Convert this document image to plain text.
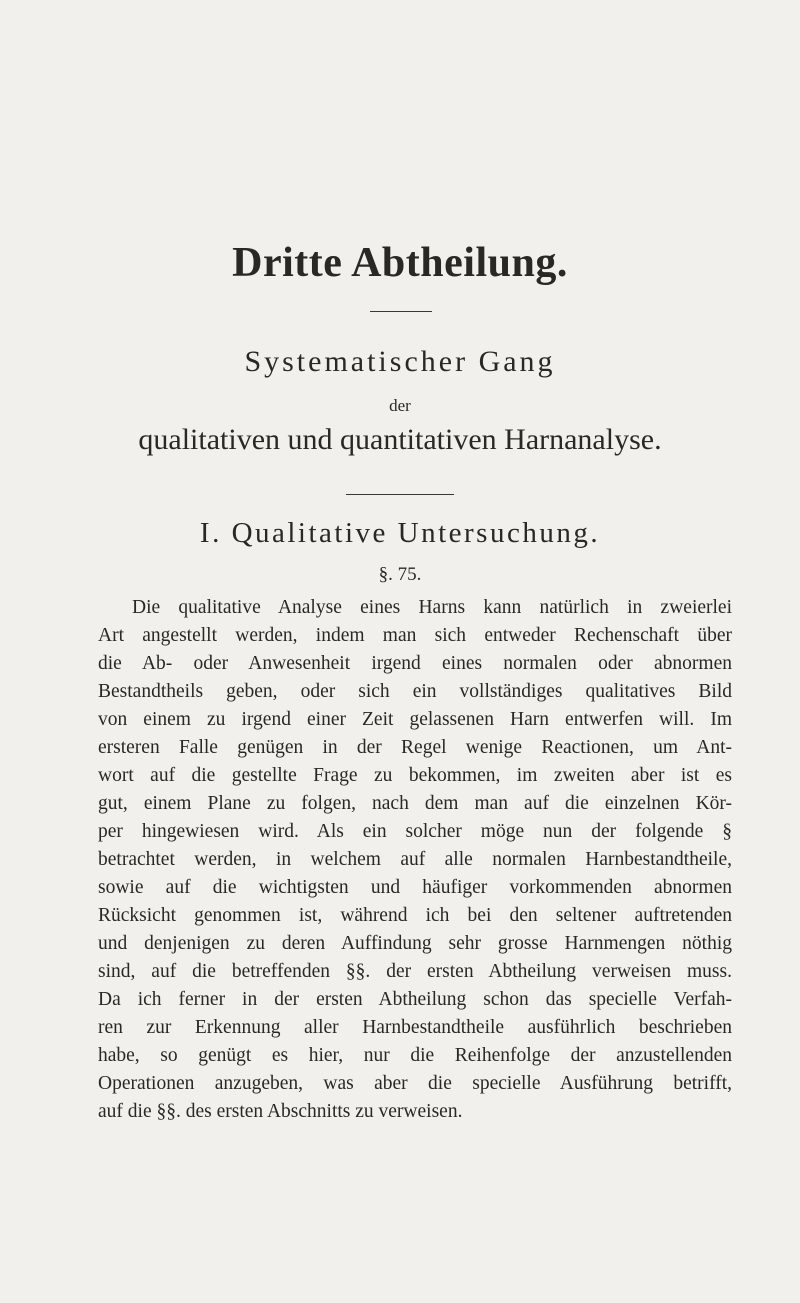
Dritte Abtheilung.
Systematischer Gang
der
qualitativen und quantitativen Harnanalyse.
I. Qualitative Untersuchung.
§. 75.
Die qualitative Analyse eines Harns kann natürlich in zweierlei
Art angestellt werden, indem man sich entweder Rechenschaft über
die Ab- oder Anwesenheit irgend eines normalen oder abnormen
Bestandtheils geben, oder sich ein vollständiges qualitatives Bild
von einem zu irgend einer Zeit gelassenen Harn entwerfen will. Im
ersteren Falle genügen in der Regel wenige Reactionen, um Ant-
wort auf die gestellte Frage zu bekommen, im zweiten aber ist es
gut, einem Plane zu folgen, nach dem man auf die einzelnen Kör-
per hingewiesen wird. Als ein solcher möge nun der folgende §
betrachtet werden, in welchem auf alle normalen Harnbestandtheile,
sowie auf die wichtigsten und häufiger vorkommenden abnormen
Rücksicht genommen ist, während ich bei den seltener auftretenden
und denjenigen zu deren Auffindung sehr grosse Harnmengen nöthig
sind, auf die betreffenden §§. der ersten Abtheilung verweisen muss.
Da ich ferner in der ersten Abtheilung schon das specielle Verfah-
ren zur Erkennung aller Harnbestandtheile ausführlich beschrieben
habe, so genügt es hier, nur die Reihenfolge der anzustellenden
Operationen anzugeben, was aber die specielle Ausführung betrifft,
auf die §§. des ersten Abschnitts zu verweisen.
